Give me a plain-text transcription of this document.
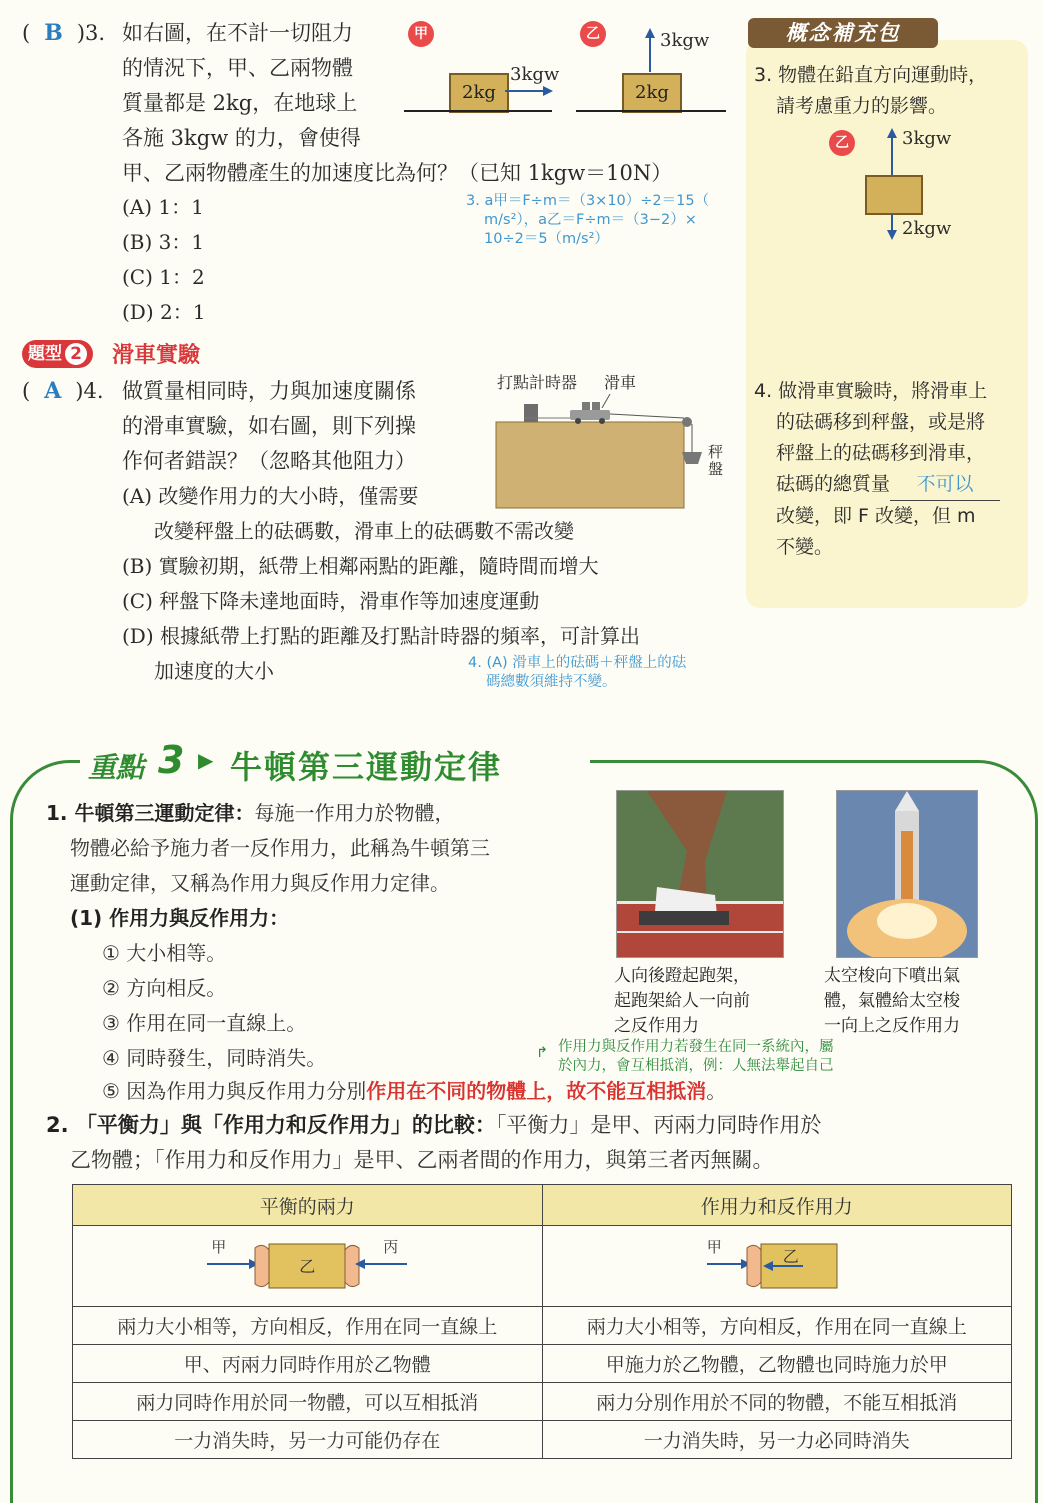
概念補充包
3. 物體在鉛直方向運動時，
請考慮重力的影響。
乙	3kgw
2kgw
4. 做滑車實驗時，將滑車上
的砝碼移到秤盤，或是將
秤盤上的砝碼移到滑車，
砝碼的總質量 不可以
改變，即 F 改變，但 m
不變。
( B )3. 如右圖，在不計一切阻力
的情況下，甲、乙兩物體
質量都是 2kg，在地球上
各施 3kgw 的力，會使得
甲、乙兩物體產生的加速度比為何？（已知 1kgw＝10N）
甲	乙
2kg
3kgw
2kg
3kgw
(A) 1：1
(B) 3：1
(C) 1：2
(D) 2：1
3. a甲＝F÷m＝（3×10）÷2＝15（
m/s²），a乙＝F÷m＝（3−2）×
10÷2＝5（m/s²）
題型 2	滑車實驗
( A )4. 做質量相同時，力與加速度關係
的滑車實驗，如右圖，則下列操
作何者錯誤？（忽略其他阻力）
(A) 改變作用力的大小時，僅需要
改變秤盤上的砝碼數，滑車上的砝碼數不需改變
(B) 實驗初期，紙帶上相鄰兩點的距離，隨時間而增大
(C) 秤盤下降未達地面時，滑車作等加速度運動
(D) 根據紙帶上打點的距離及打點計時器的頻率，可計算出
加速度的大小	4. (A) 滑車上的砝碼＋秤盤上的砝
碼總數須維持不變。
打點計時器 滑車
秤盤
重點 3 ▶ 牛頓第三運動定律
1. 牛頓第三運動定律：每施一作用力於物體，
物體必給予施力者一反作用力，此稱為牛頓第三
運動定律，又稱為作用力與反作用力定律。
(1) 作用力與反作用力：
① 大小相等。
② 方向相反。
③ 作用在同一直線上。
④ 同時發生，同時消失。
⑤ 因為作用力與反作用力分別作用在不同的物體上，故不能互相抵消。
↱ 作用力與反作用力若發生在同一系統內，屬
於內力，會互相抵消，例：人無法舉起自己
人向後蹬起跑架，
起跑架給人一向前
之反作用力
太空梭向下噴出氣
體，氣體給太空梭
一向上之反作用力
2. 「平衡力」與「作用力和反作用力」的比較：「平衡力」是甲、丙兩力同時作用於
乙物體；「作用力和反作用力」是甲、乙兩者間的作用力，與第三者丙無關。
平衡的兩力	作用力和反作用力

甲
乙
丙	甲 乙

兩力大小相等，方向相反，作用在同一直線上	兩力大小相等，方向相反，作用在同一直線上
甲、丙兩力同時作用於乙物體	甲施力於乙物體，乙物體也同時施力於甲
兩力同時作用於同一物體，可以互相抵消	兩力分別作用於不同的物體，不能互相抵消
一力消失時，另一力可能仍存在	一力消失時，另一力必同時消失
